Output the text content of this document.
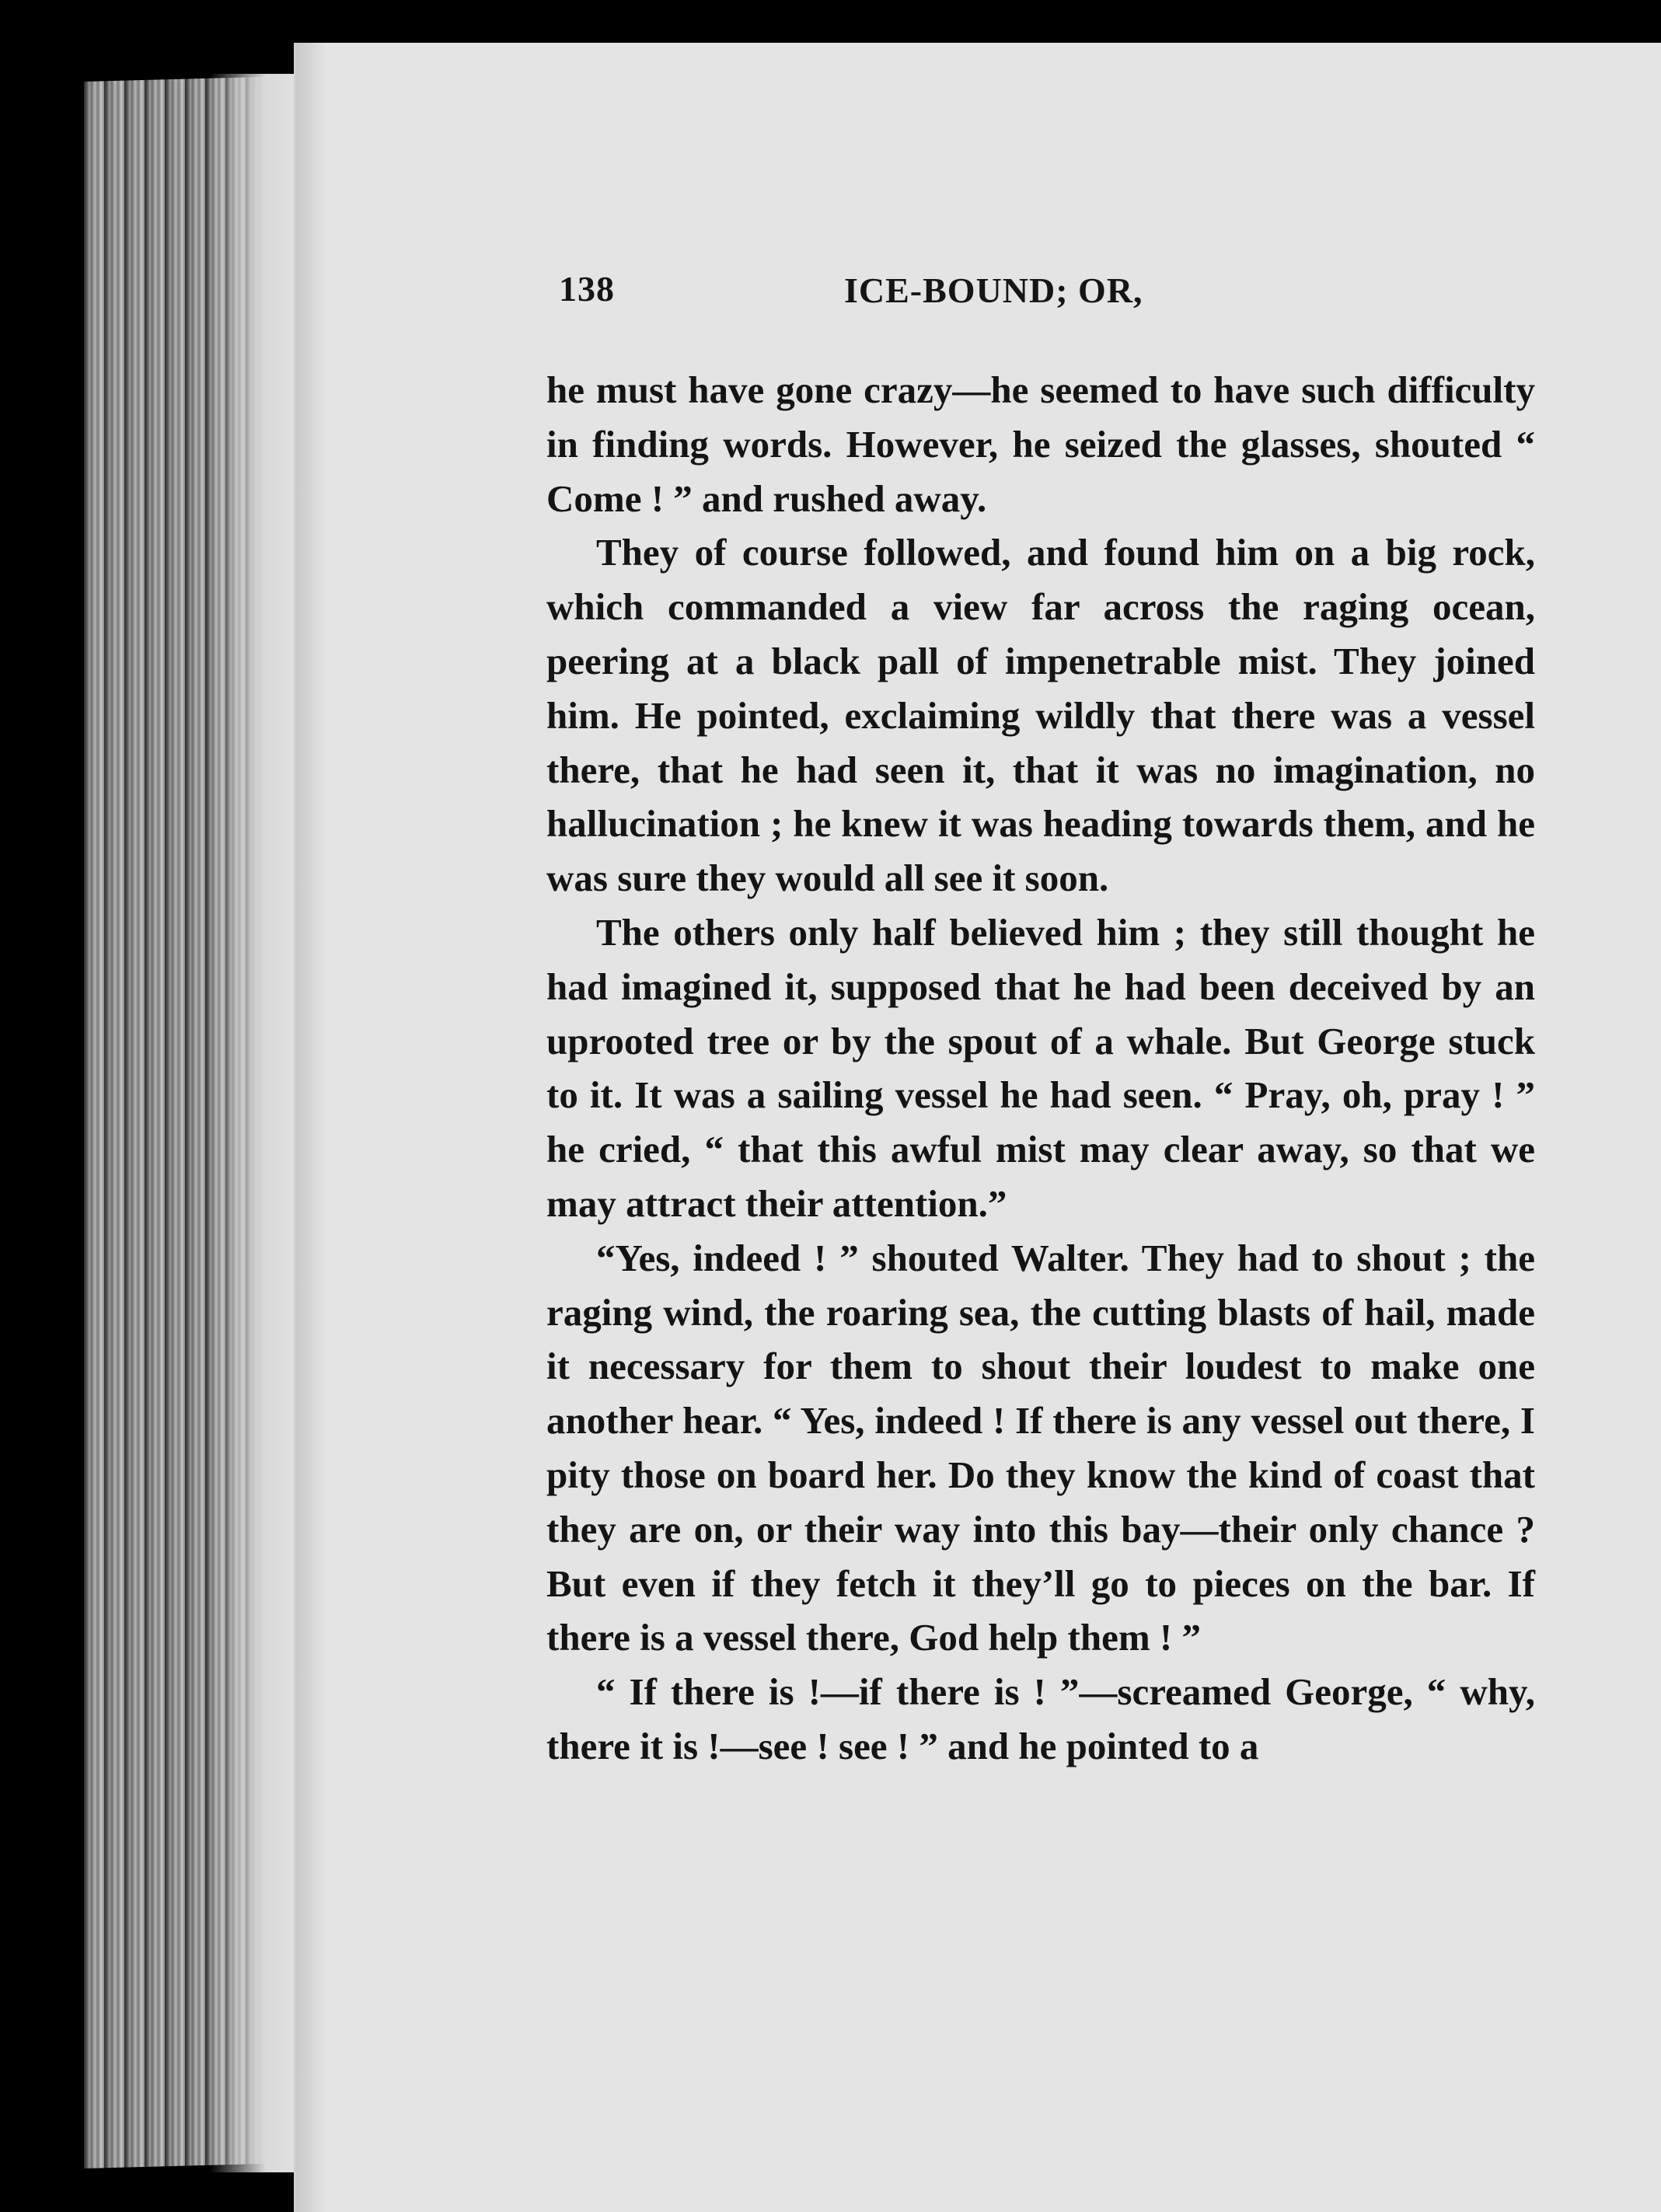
138	ICE-BOUND; OR,

he must have gone crazy—he seemed to have such difficulty in finding words. However, he seized the glasses, shouted “ Come ! ” and rushed away.

They of course followed, and found him on a big rock, which commanded a view far across the raging ocean, peering at a black pall of impenetrable mist. They joined him. He pointed, exclaiming wildly that there was a vessel there, that he had seen it, that it was no imagination, no hallucination ; he knew it was heading towards them, and he was sure they would all see it soon.

The others only half believed him ; they still thought he had imagined it, supposed that he had been deceived by an uprooted tree or by the spout of a whale. But George stuck to it. It was a sailing vessel he had seen. “ Pray, oh, pray ! ” he cried, “ that this awful mist may clear away, so that we may attract their attention.”

“Yes, indeed ! ” shouted Walter. They had to shout ; the raging wind, the roaring sea, the cutting blasts of hail, made it necessary for them to shout their loudest to make one another hear. “ Yes, indeed ! If there is any vessel out there, I pity those on board her. Do they know the kind of coast that they are on, or their way into this bay—their only chance ? But even if they fetch it they’ll go to pieces on the bar. If there is a vessel there, God help them ! ”

“ If there is !—if there is ! ”—screamed George, “ why, there it is !—see ! see ! ” and he pointed to a
